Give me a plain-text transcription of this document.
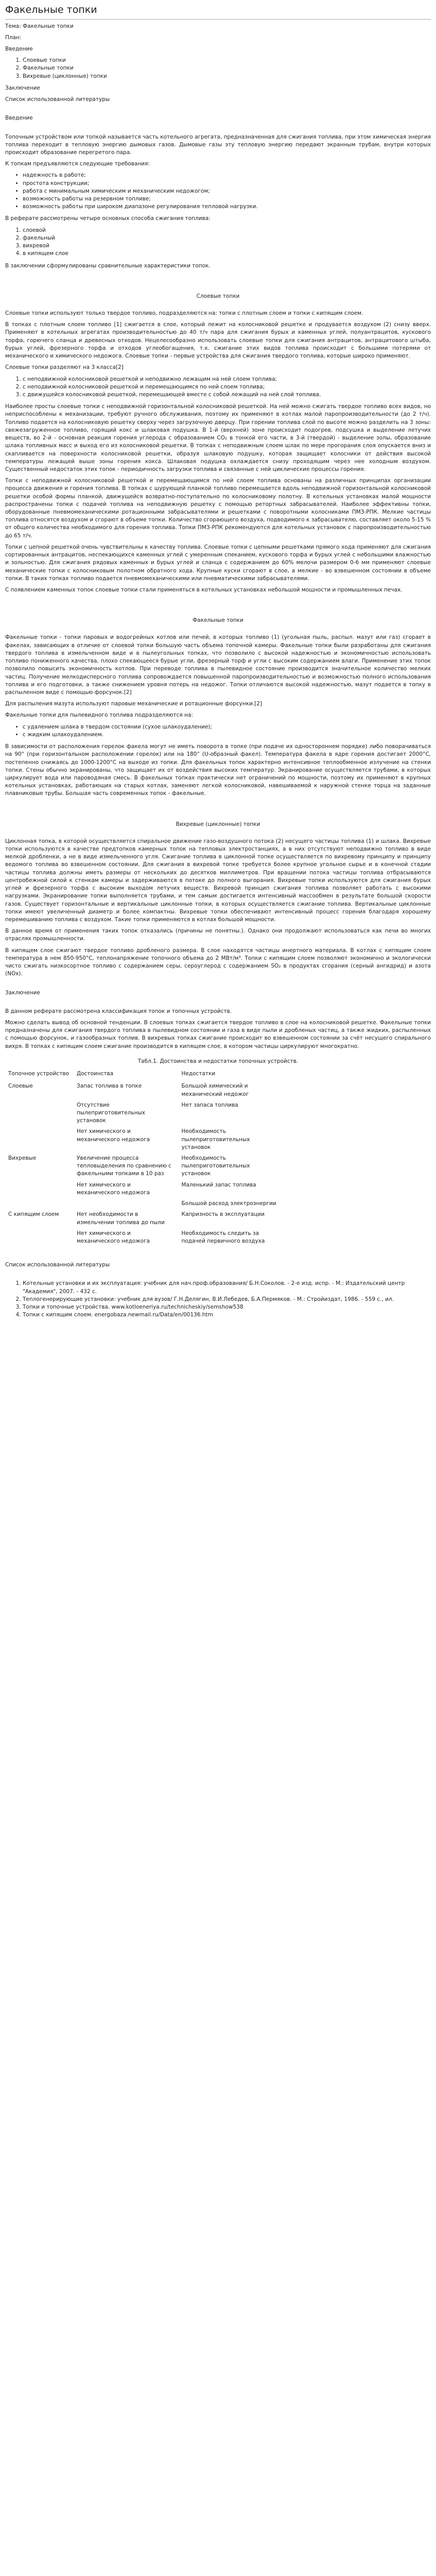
Факельные топки

Тема: Факельные топки

План:

Введение

1. Слоевые топки
2. Факельные топки
3. Вихревые (циклонные) топки

Заключение

Список использованной литературы

Введение

Топочным устройством или топкой называется часть котельного агрегата, предназначенная для сжигания топлива, при этом химическая энергия топлива переходит в тепловую энергию дымовых газов. Дымовые газы эту тепловую энергию передают экранным трубам, внутри которых происходит образование перегретого пара.

К топкам предъявляются следующие требования:

• надежность в работе;
• простота конструкции;
• работа с минимальным химическим и механическим недожогом;
• возможность работы на резервном топливе;
• возможность работы при широком диапазоне регулирования тепловой нагрузки.

В реферате рассмотрены четыре основных способа сжигания топлива:

1. слоевой
2. факельный
3. вихревой
4. в кипящем слое

В заключении сформулированы сравнительные характеристики топок.

Слоевые топки

Слоевые топки используют только твердое топливо, подразделяются на: топки с плотным слоем и топки с кипящим слоем.

В топках с плотным слоем топливо [1] сжигается в слое, который лежит на колосниковой решетке и продувается воздухом (2) снизу вверх. Применяют в котельных агрегатах производительностью до 40 т/ч пара для сжигания бурых и каменных углей, полуантрацитов, кускового торфа, горючего сланца и древесных отходов. Нецелесообразно использовать слоевые топки для сжигания антрацитов, антрацитового штыба, бурых углей, фрезерного торфа и отходов углеобогащения, т.к. сжигание этих видов топлива происходит с большими потерями от механического и химического недожога. Слоевые топки - первые устройства для сжигания твердого топлива, которые широко применяют.

Слоевые топки разделяют на 3 класса[2]

1. с неподвижной колосниковой решеткой и неподвижно лежащим на ней слоем топлива;
2. с неподвижной колосниковой решеткой и перемещающимся по ней слоем топлива;
3. с движущейся колосниковой решеткой, перемещающей вместе с собой лежащий на ней слой топлива.

Наиболее просты слоевые топки с неподвижной горизонтальной колосниковой решеткой. На ней можно сжигать твердое топливо всех видов, но неприспособлены к механизации, требуют ручного обслуживания, поэтому их применяют в котлах малой паропроизводительности (до 2 т/ч). Топливо подается на колосниковую решетку сверху через загрузочную дверцу. При горении топлива слой по высоте можно разделить на 3 зоны: свежезагруженное топливо, горящий кокс и шлаковая подушка. В 1-й (верхней) зоне происходит подогрев, подсушка и выделение летучих веществ, во 2-й - основная реакция горения углерода с образованием СО₂ в тонкой его части, в 3-й (твердой) - выделение золы, образование шлака топливных масс и выход его из колосниковой решетки. В топках с неподвижным слоем шлак по мере прогорания слоя опускается вниз и скапливается на поверхности колосниковой решетки, образуя шлаковую подушку, которая защищает колосники от действия высокой температуры лежащей выше зоны горения кокса. Шлаковая подушка охлаждается снизу проходящим через нее холодным воздухом. Существенный недостаток этих топок - периодичность загрузки топлива и связанные с ней циклические процессы горения.

Топки с неподвижной колосниковой решеткой и перемещающимся по ней слоем топлива основаны на различных принципах организации процесса движения и горения топлива. В топках с шурующей планкой топливо перемещается вдоль неподвижной горизонтальной колосниковой решетки особой формы планкой, движущейся возвратно-поступательно по колосниковому полотну. В котельных установках малой мощности распространены топки с подачей топлива на неподвижную решетку с помощью ретортных забрасывателей. Наиболее эффективны топки, оборудованные пневмомеханическими ротационными забрасывателями и решетками с поворотными колосниками ПМЗ-РПК. Мелкие частицы топлива относятся воздухом и сгорают в объеме топки. Количество сгорающего воздуха, подводимого к забрасывателю, составляет около 5-15 % от общего количества необходимого для горения топлива. Топки ПМЗ-РПК рекомендуются для котельных установок с паропроизводительностью до 65 т/ч.

Топки с цепной решеткой очень чувствительны к качеству топлива. Слоевые топки с цепными решетками прямого хода применяют для сжигания сортированных антрацитов, неспекающихся каменных углей с умеренным спеканием, кускового торфа и бурых углей с небольшими влажностью и зольностью. Для сжигания рядовых каменных и бурых углей и сланца с содержанием до 60% мелочи размером 0-6 мм применяют слоевые механические топки с колосниковым полотном обратного хода. Крупные куски сгорают в слое, а мелкие - во взвешенном состоянии в объеме топки. В таких топках топливо подается пневмомеханическими или пневматическими забрасывателями.

С появлением каменных топок слоевые топки стали применяться в котельных установках небольшой мощности и промышленных печах.

Факельные топки

Факельные топки - топки паровых и водогрейных котлов или печей, в которых топливо (1) (угольная пыль, распыл. мазут или газ) сгорает в факелах, зависающих в отличие от слоевой топки большую часть объема топочной камеры. Факельные топки были разработаны для сжигания твердого топлива в измельченном виде и в пылеугольных топках, что позволило с высокой надежностью и экономичностью использовать топливо пониженного качества, плохо спекающееся бурые угли, фрезерный торф и угли с высоким содержанием влаги. Применение этих топок позволило повысить экономичность котлов. При переводе топлива в пылевидное состояние производится значительное количество мелких частиц. Получение мелкодисперсного топлива сопровождается повышенной паропроизводительностью и возможностью полного использования топлива и его подготовки, а также снижением уровня потерь на недожог. Топки отличаются высокой надежностью, мазут подается в топку в распыленном виде с помощью форсунок.[2]

Для распыления мазута используют паровые механические и ротационные форсунки.[2]

Факельные топки для пылевидного топлива подразделяются на:

• с удалением шлака в твердом состоянии (сухое шлакоудаление);
• с жидким шлакоудалением.

В зависимости от расположения горелок факела могут не иметь поворота в топке (при подаче их одностороннем порядке) либо поворачиваться на 90° (при горизонтальном расположении горелок) или на 180° (U-образный факел). Температура факела в ядре горения достигает 2000°С, постепенно снижаясь до 1000-1200°С на выходе из топки. Для факельных топок характерно интенсивное теплообменное излучение на стенки топки. Стены обычно экранированы, что защищает их от воздействия высоких температур. Экранирование осуществляется трубами, в которых циркулирует вода или пароводяная смесь. В факельных топках практически нет ограничений по мощности, поэтому их применяют в крупных котельных установках, работающих на старых котлах, заменяют легкой колосниковой, навешиваемой к наружной стенке торца на заданные плавниковые трубы. Большая часть современных топок - факельные.

Вихревые (циклонные) топки

Циклонная топка, в которой осуществляется спиральное движение газо-воздушного потока (2) несущего частицы топлива (1) и шлака. Вихревые топки используются в качестве предтопков камерных топок на тепловых электростанциях, а в них отсутствуют неподвижно топливо в виде мелкой дробленки, а не в виде измельченного угля. Сжигание топлива в циклонной топке осуществляется по вихревому принципу и принципу ведомого топлива во взвешенном состоянии. Для сжигания в вихревой топке требуется более крупное угольное сырье и в конечной стадии частицы топлива должны иметь размеры от нескольких до десятков миллиметров. При вращении потока частицы топлива отбрасываются центробежной силой к стенкам камеры и задерживаются в потоке до полного выгорания. Вихревые топки используются для сжигания бурых углей и фрезерного торфа с высоким выходом летучих веществ. Вихревой принцип сжигания топлива позволяет работать с высокими нагрузками. Экранирование топки выполняется трубами, и тем самым достигается интенсивный массообмен в результате большой скорости газов. Существует горизонтальные и вертикальные циклонные топки, в которых осуществляется сжигание топлива. Вертикальные циклонные топки имеют увеличенный диаметр и более компактны. Вихревые топки обеспечивают интенсивный процесс горения благодаря хорошему перемешиванию топлива с воздухом. Такие топки применяются в котлах большой мощности.

В данное время от применения таких топок отказались (причины не понятны.). Однако они продолжают использоваться как печи во многих отраслях промышленности.

В кипящем слое сжигают твердое топливо дробленого размера. В слое находятся частицы инертного материала. В котлах с кипящим слоем температура в нем 850-950°С, теплонапряжение топочного объема до 2 МВт/м³. Топки с кипящим слоем позволяют экономично и экологически чисто сжигать низкосортное топливо с содержанием серы, сероуглерод с содержанием SO₂ в продуктах сгорания (серный ангидрид) и азота (NOx).

Заключение

В данном реферате рассмотрена классификация топок и топочных устройств.

Можно сделать вывод об основной тенденции. В слоевых топках сжигается твердое топливо в слое на колосниковой решетке. Факельные топки предназначены для сжигания твердого топлива в пылевидном состоянии и газа в виде пыли и дробленых частиц, а также жидких, распыленных с помощью форсунок, и газообразных топлив. В вихревых топках сжигание происходит во взвешенном состоянии за счёт несущего спирального вихря. В топках с кипящим слоем сжигание производится в кипящем слое, в котором частицы циркулируют многократно.

Табл.1. Достоинства и недостатки топочных устройств.

Топочное устройство	Достоинства	Недостатки
Слоевые	Запас топлива в топке	Большой химический и механический недожог
	Отсутствие пылеприготовительных установок	Нет запаса топлива
	Нет химического и механического недожога	Необходимость пылеприготовительных установок
Вихревые	Увеличение процесса тепловыделения по сравнению с факельными топками в 10 раз	Необходимость пылеприготовительных установок
	Нет химического и механического недожога	Маленький запас топлива
		Большой расход электроэнергии
С кипящим слоем	Нет необходимости в измельчении топлива до пыли	Капризность в эксплуатации
	Нет химического и механического недожога	Необходимость следить за подачей первичного воздуха

Список использованной литературы

1. Котельные установки и их эксплуатация: учебник для нач.проф.образования/ Б.Н.Соколов. - 2-е изд. испр. - М.: Издательский центр "Академия", 2007. - 432 с.
2. Теплогенерирующие установки: учебник для вузов/ Г.Н.Делягин, В.И.Лебедев, Б.А.Пермяков. - М.: Стройиздат, 1986. - 559 с., ил.
3. Топки и топочные устройства. www.kotloeneriya.ru/technicheskiy/semshow538
4. Топки с кипящим слоем. energobaza.newmail.ru/Data/en/00136.htm
